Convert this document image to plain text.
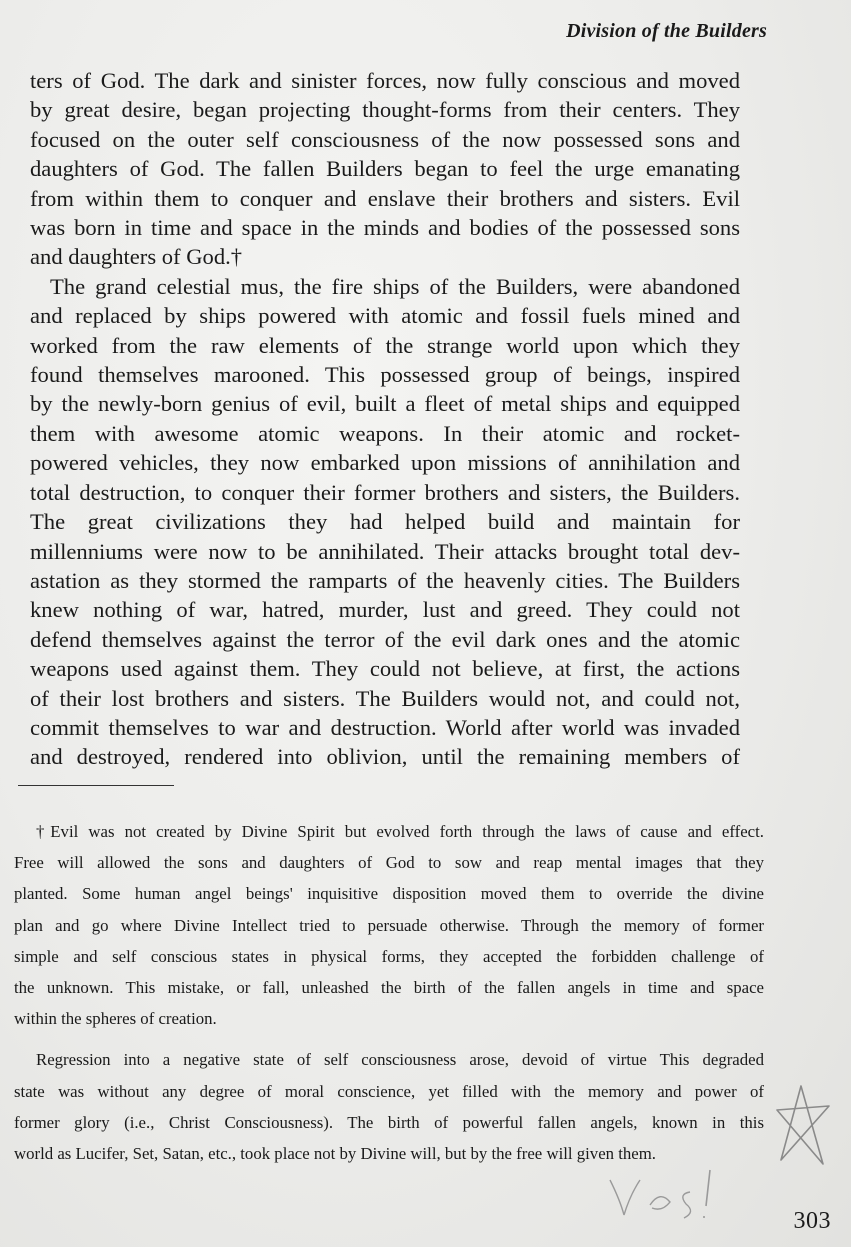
Division of the Builders
ters of God. The dark and sinister forces, now fully conscious and moved
by great desire, began projecting thought-forms from their centers. They
focused on the outer self consciousness of the now possessed sons and
daughters of God. The fallen Builders began to feel the urge emanating
from within them to conquer and enslave their brothers and sisters. Evil
was born in time and space in the minds and bodies of the possessed sons
and daughters of God.†
The grand celestial mus, the fire ships of the Builders, were abandoned
and replaced by ships powered with atomic and fossil fuels mined and
worked from the raw elements of the strange world upon which they
found themselves marooned. This possessed group of beings, inspired
by the newly-born genius of evil, built a fleet of metal ships and equipped
them with awesome atomic weapons. In their atomic and rocket-
powered vehicles, they now embarked upon missions of annihilation and
total destruction, to conquer their former brothers and sisters, the Builders.
The great civilizations they had helped build and maintain for
millenniums were now to be annihilated. Their attacks brought total dev-
astation as they stormed the ramparts of the heavenly cities. The Builders
knew nothing of war, hatred, murder, lust and greed. They could not
defend themselves against the terror of the evil dark ones and the atomic
weapons used against them. They could not believe, at first, the actions
of their lost brothers and sisters. The Builders would not, and could not,
commit themselves to war and destruction. World after world was invaded
and destroyed, rendered into oblivion, until the remaining members of
†Evil was not created by Divine Spirit but evolved forth through the laws of cause and effect.
Free will allowed the sons and daughters of God to sow and reap mental images that they
planted. Some human angel beings' inquisitive disposition moved them to override the divine
plan and go where Divine Intellect tried to persuade otherwise. Through the memory of former
simple and self conscious states in physical forms, they accepted the forbidden challenge of
the unknown. This mistake, or fall, unleashed the birth of the fallen angels in time and space
within the spheres of creation.
Regression into a negative state of self consciousness arose, devoid of virtue This degraded
state was without any degree of moral conscience, yet filled with the memory and power of
former glory (i.e., Christ Consciousness). The birth of powerful fallen angels, known in this
world as Lucifer, Set, Satan, etc., took place not by Divine will, but by the free will given them.
303
